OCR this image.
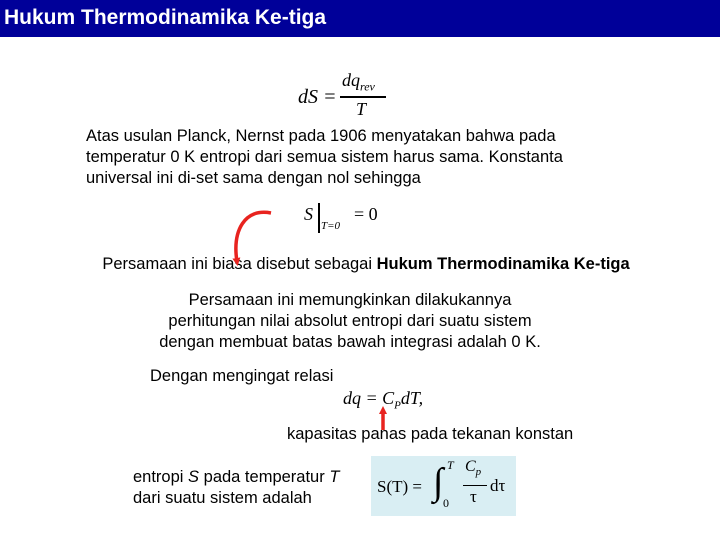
Hukum Thermodinamika Ke-tiga
dS =
$dq_{rev}$
T
Atas usulan Planck, Nernst pada 1906 menyatakan bahwa pada
temperatur 0 K entropi dari semua sistem harus sama. Konstanta
universal ini di-set sama dengan nol sehingga
S
T=0
= 0
Persamaan ini biasa disebut sebagai Hukum Thermodinamika Ke-tiga
Persamaan ini memungkinkan dilakukannya
perhitungan nilai absolut entropi dari suatu sistem
dengan membuat batas bawah integrasi adalah 0 K.
Dengan mengingat relasi
dq = $C_PdT$,
kapasitas panas pada tekanan konstan
entropi S pada temperatur T
dari suatu sistem adalah
S(T) = ∫ T
0
$C_p$
τ
dτ
